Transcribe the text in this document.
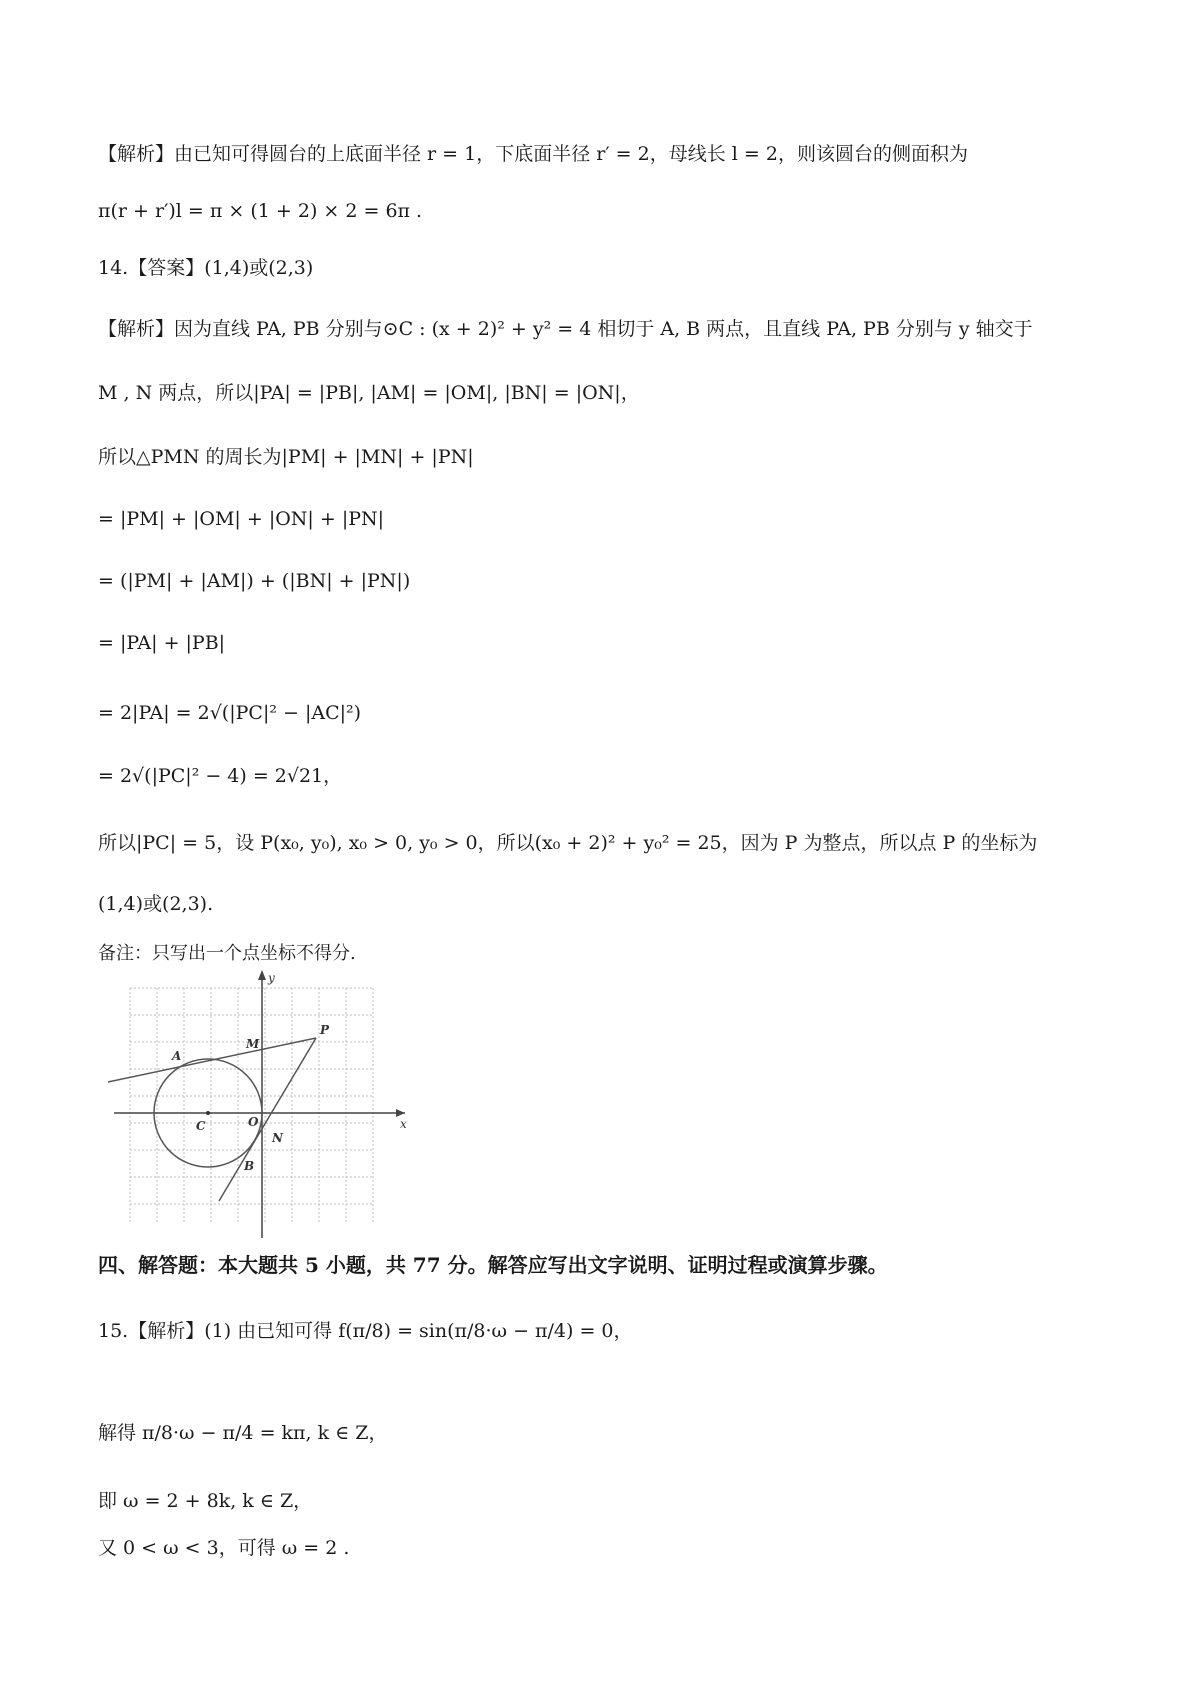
【解析】由已知可得圆台的上底面半径 r = 1，下底面半径 r′ = 2，母线长 l = 2，则该圆台的侧面积为
π(r + r′)l = π × (1 + 2) × 2 = 6π .
14.【答案】(1,4)或(2,3)
【解析】因为直线 PA, PB 分别与⊙C : (x + 2)² + y² = 4 相切于 A, B 两点，且直线 PA, PB 分别与 y 轴交于
M , N 两点，所以|PA| = |PB|, |AM| = |OM|, |BN| = |ON|，
所以△PMN 的周长为|PM| + |MN| + |PN|
= |PM| + |OM| + |ON| + |PN|
= (|PM| + |AM|) + (|BN| + |PN|)
= |PA| + |PB|
= 2|PA| = 2√(|PC|² − |AC|²)
= 2√(|PC|² − 4) = 2√21，
所以|PC| = 5，设 P(x₀, y₀), x₀ > 0, y₀ > 0，所以(x₀ + 2)² + y₀² = 25，因为 P 为整点，所以点 P 的坐标为
(1,4)或(2,3).
备注：只写出一个点坐标不得分.
y
x
A
M
P
C	O
N
B
四、解答题：本大题共 5 小题，共 77 分。解答应写出文字说明、证明过程或演算步骤。
15.【解析】(1) 由已知可得 f(π/8) = sin(π/8·ω − π/4) = 0，
解得 π/8·ω − π/4 = kπ, k ∈ Z，
即 ω = 2 + 8k, k ∈ Z，
又 0 < ω < 3，可得 ω = 2 .
